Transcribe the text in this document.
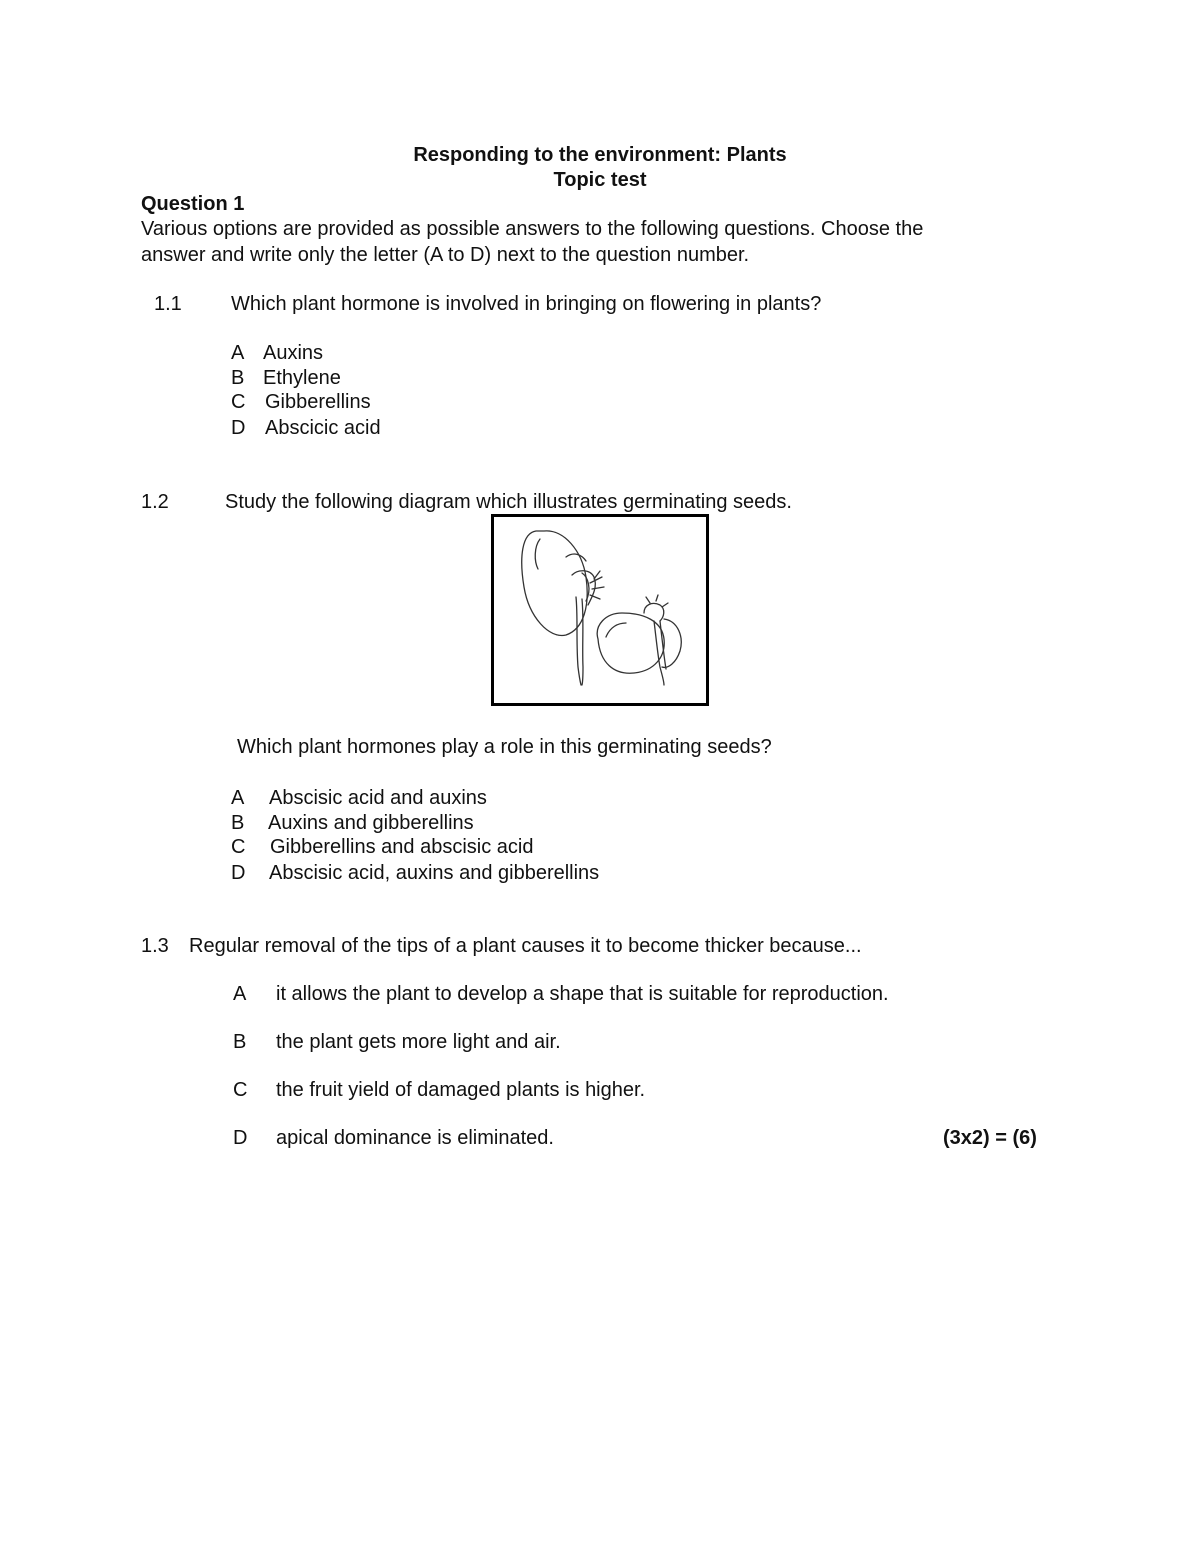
Responding to the environment: Plants
Topic test
Question 1
Various options are provided as possible answers to the following questions. Choose the
answer and write only the letter (A to D) next to the question number.
1.1 Which plant hormone is involved in bringing on flowering in plants?
A Auxins
B Ethylene
C Gibberellins
D Abscicic acid
1.2	Study the following diagram which illustrates germinating seeds.
Which plant hormones play a role in this germinating seeds?
A Abscisic acid and auxins
B Auxins and gibberellins
C Gibberellins and abscisic acid
D Abscisic acid, auxins and gibberellins
1.3 Regular removal of the tips of a plant causes it to become thicker because...
A it allows the plant to develop a shape that is suitable for reproduction.
B the plant gets more light and air.
C the fruit yield of damaged plants is higher.
D apical dominance is eliminated.	(3x2) = (6)
